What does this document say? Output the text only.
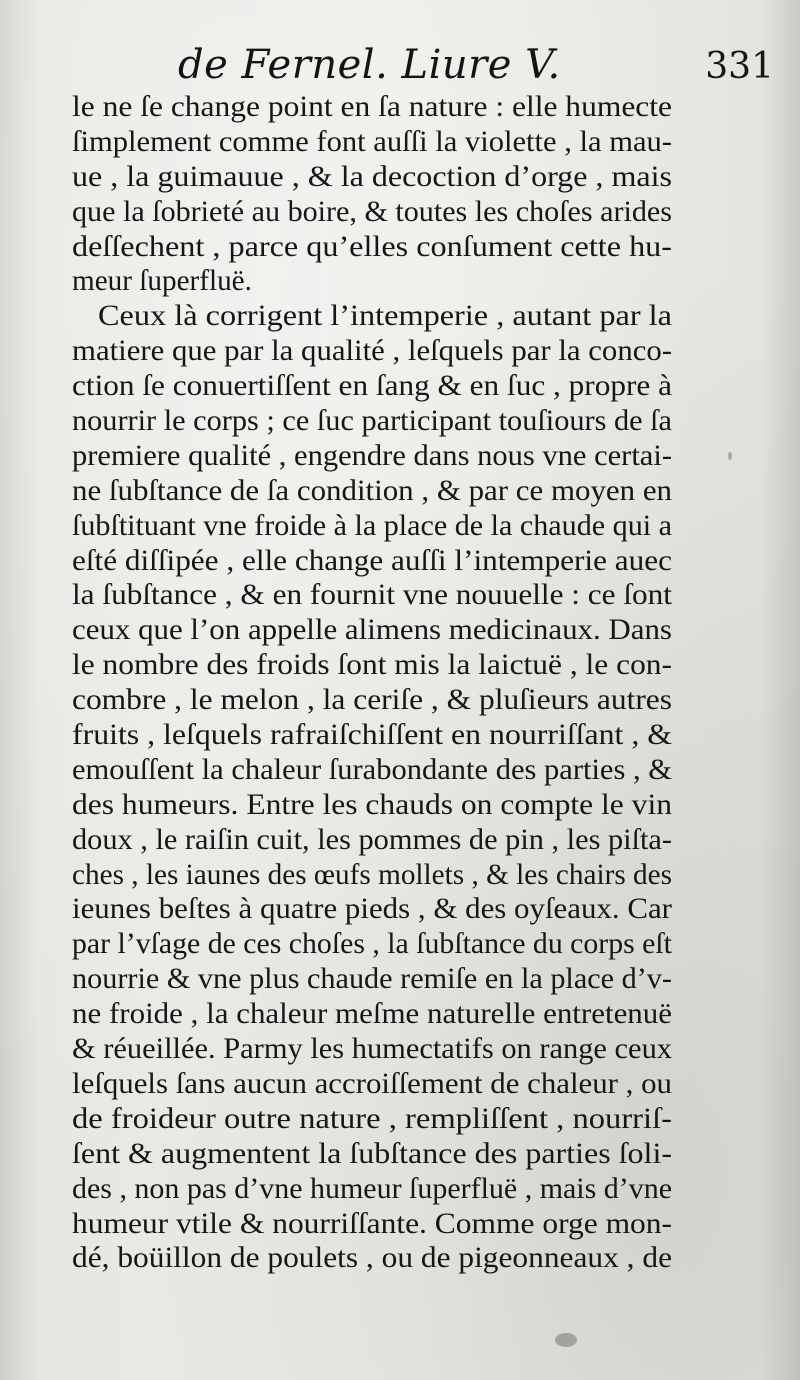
de Fernel. Liure V.	331
le ne ſe change point en ſa nature : elle humecte
ſimplement comme font auſſi la violette , la mau-
ue , la guimauue , & la decoction d’orge , mais
que la ſobrieté au boire, & toutes les choſes arides
deſſechent , parce qu’elles conſument cette hu-
meur ſuperfluë.
Ceux là corrigent l’intemperie , autant par la
matiere que par la qualité , leſquels par la conco-
ction ſe conuertiſſent en ſang & en ſuc , propre à
nourrir le corps ; ce ſuc participant touſiours de ſa
premiere qualité , engendre dans nous vne certai-
ne ſubſtance de ſa condition , & par ce moyen en
ſubſtituant vne froide à la place de la chaude qui a
eſté diſſipée , elle change auſſi l’intemperie auec
la ſubſtance , & en fournit vne nouuelle : ce ſont
ceux que l’on appelle alimens medicinaux. Dans
le nombre des froids ſont mis la laictuë , le con-
combre , le melon , la ceriſe , & pluſieurs autres
fruits , leſquels rafraiſchiſſent en nourriſſant , &
emouſſent la chaleur ſurabondante des parties , &
des humeurs. Entre les chauds on compte le vin
doux , le raiſin cuit, les pommes de pin , les piſta-
ches , les iaunes des œufs mollets , & les chairs des
ieunes beſtes à quatre pieds , & des oyſeaux. Car
par l’vſage de ces choſes , la ſubſtance du corps eſt
nourrie & vne plus chaude remiſe en la place d’v-
ne froide , la chaleur meſme naturelle entretenuë
& réueillée. Parmy les humectatifs on range ceux
leſquels ſans aucun accroiſſement de chaleur , ou
de froideur outre nature , rempliſſent , nourriſ-
ſent & augmentent la ſubſtance des parties ſoli-
des , non pas d’vne humeur ſuperfluë , mais d’vne
humeur vtile & nourriſſante. Comme orge mon-
dé, boüillon de poulets , ou de pigeonneaux , de
